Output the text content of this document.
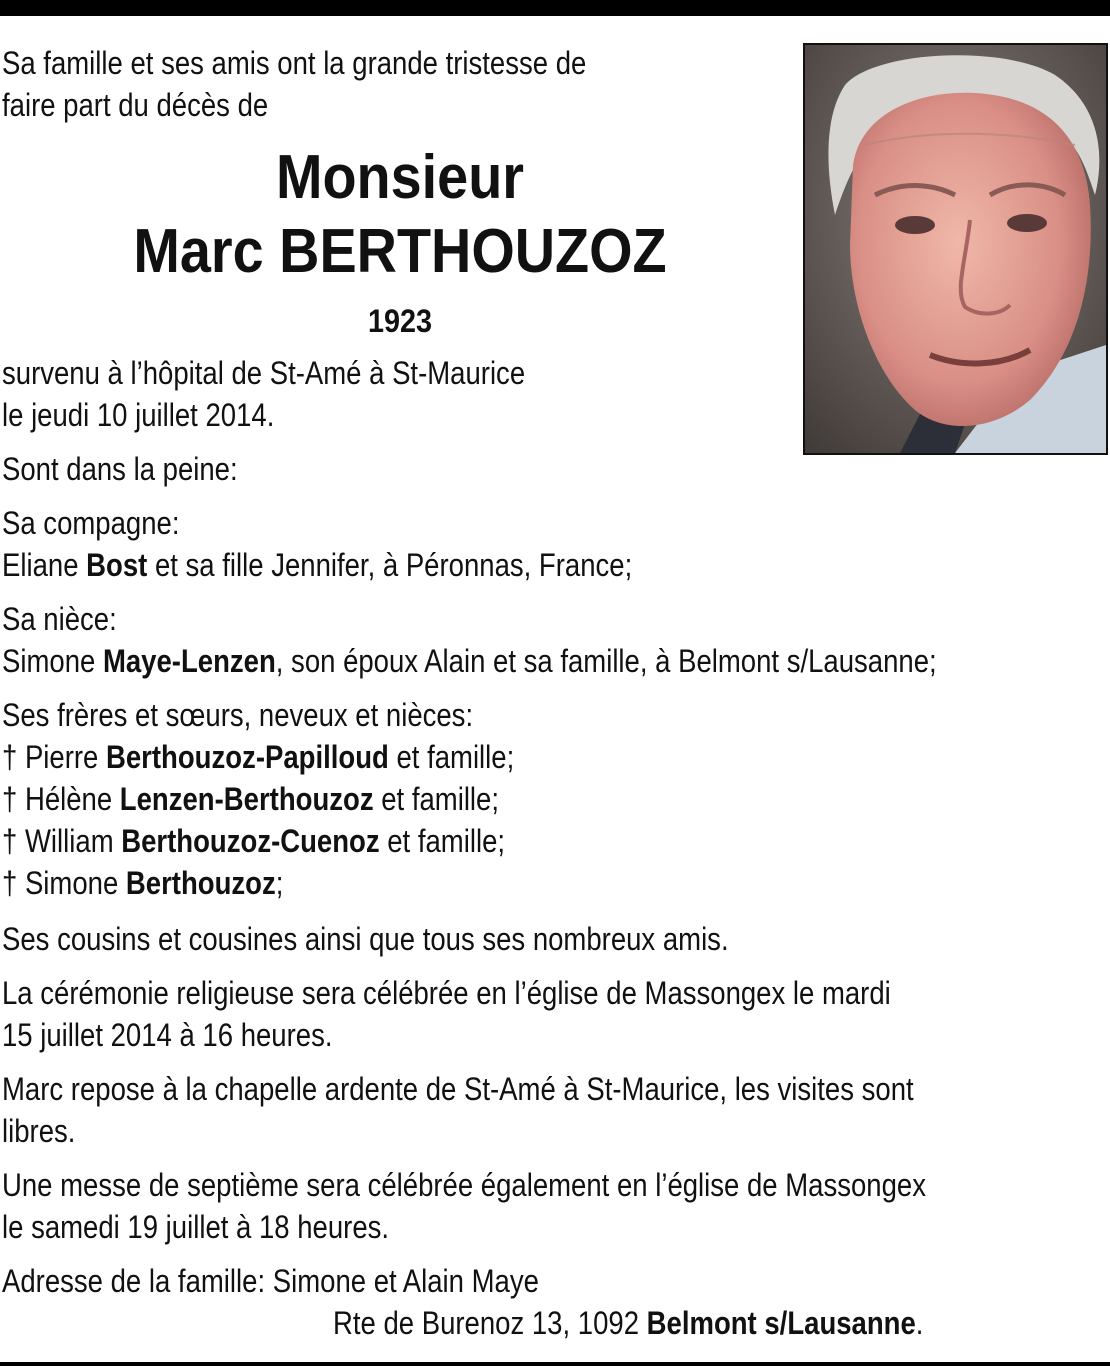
Sa famille et ses amis ont la grande tristesse de

faire part du décès de

Monsieur
Marc BERTHOUZOZ
1923

survenu à l’hôpital de St-Amé à St-Maurice

le jeudi 10 juillet 2014.

Sont dans la peine:

Sa compagne:

Eliane Bost et sa fille Jennifer, à Péronnas, France;

Sa nièce:

Simone Maye-Lenzen, son époux Alain et sa famille, à Belmont s/Lausanne;

Ses frères et sœurs, neveux et nièces:

† Pierre Berthouzoz-Papilloud et famille;

† Hélène Lenzen-Berthouzoz et famille;

† William Berthouzoz-Cuenoz et famille;

† Simone Berthouzoz;

Ses cousins et cousines ainsi que tous ses nombreux amis.

La cérémonie religieuse sera célébrée en l’église de Massongex le mardi

15 juillet 2014 à 16 heures.

Marc repose à la chapelle ardente de St-Amé à St-Maurice, les visites sont

libres.

Une messe de septième sera célébrée également en l’église de Massongex

le samedi 19 juillet à 18 heures.

Adresse de la famille: Simone et Alain Maye

Rte de Burenoz 13, 1092 Belmont s/Lausanne.
